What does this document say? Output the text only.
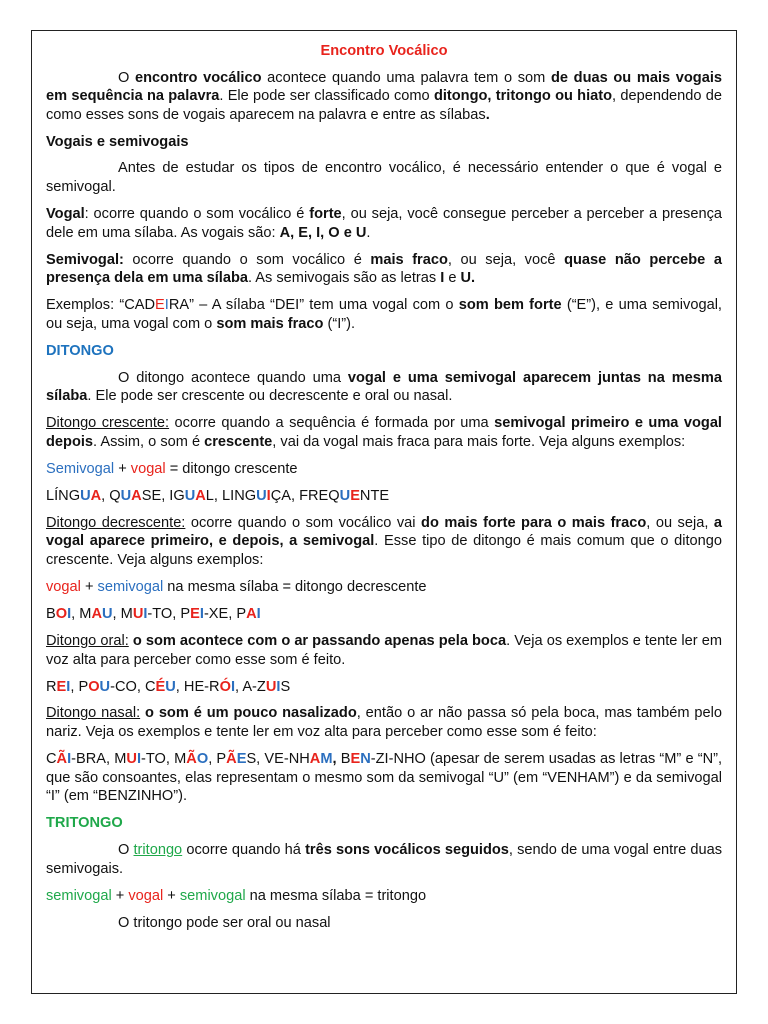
Encontro Vocálico

O encontro vocálico acontece quando uma palavra tem o som de duas ou mais vogais em sequência na palavra. Ele pode ser classificado como ditongo, tritongo ou hiato, dependendo de como esses sons de vogais aparecem na palavra e entre as sílabas.

Vogais e semivogais

Antes de estudar os tipos de encontro vocálico, é necessário entender o que é vogal e semivogal.

Vogal: ocorre quando o som vocálico é forte, ou seja, você consegue perceber a perceber a presença dele em uma sílaba. As vogais são: A, E, I, O e U.

Semivogal: ocorre quando o som vocálico é mais fraco, ou seja, você quase não percebe a presença dela em uma sílaba. As semivogais são as letras I e U.

Exemplos: “CADEIRA” – A sílaba “DEI” tem uma vogal com o som bem forte (“E”), e uma semivogal, ou seja, uma vogal com o som mais fraco (“I”).

DITONGO

O ditongo acontece quando uma vogal e uma semivogal aparecem juntas na mesma sílaba. Ele pode ser crescente ou decrescente e oral ou nasal.

Ditongo crescente: ocorre quando a sequência é formada por uma semivogal primeiro e uma vogal depois. Assim, o som é crescente, vai da vogal mais fraca para mais forte. Veja alguns exemplos:

Semivogal + vogal = ditongo crescente

LÍNGUA, QUASE, IGUAL, LINGUIÇA, FREQUENTE

Ditongo decrescente: ocorre quando o som vocálico vai do mais forte para o mais fraco, ou seja, a vogal aparece primeiro, e depois, a semivogal. Esse tipo de ditongo é mais comum que o ditongo crescente. Veja alguns exemplos:

vogal + semivogal na mesma sílaba = ditongo decrescente

BOI, MAU, MUI-TO, PEI-XE, PAI

Ditongo oral: o som acontece com o ar passando apenas pela boca. Veja os exemplos e tente ler em voz alta para perceber como esse som é feito.

REI, POU-CO, CÉU, HE-RÓI, A-ZUIS

Ditongo nasal: o som é um pouco nasalizado, então o ar não passa só pela boca, mas também pelo nariz. Veja os exemplos e tente ler em voz alta para perceber como esse som é feito:

CÃI-BRA, MUI-TO, MÃO, PÃES, VE-NHAM, BEN-ZI-NHO (apesar de serem usadas as letras “M” e “N”, que são consoantes, elas representam o mesmo som da semivogal “U” (em “VENHAM”) e da semivogal “I” (em “BENZINHO”).

TRITONGO

O tritongo ocorre quando há três sons vocálicos seguidos, sendo de uma vogal entre duas semivogais.

semivogal + vogal + semivogal na mesma sílaba = tritongo

O tritongo pode ser oral ou nasal
